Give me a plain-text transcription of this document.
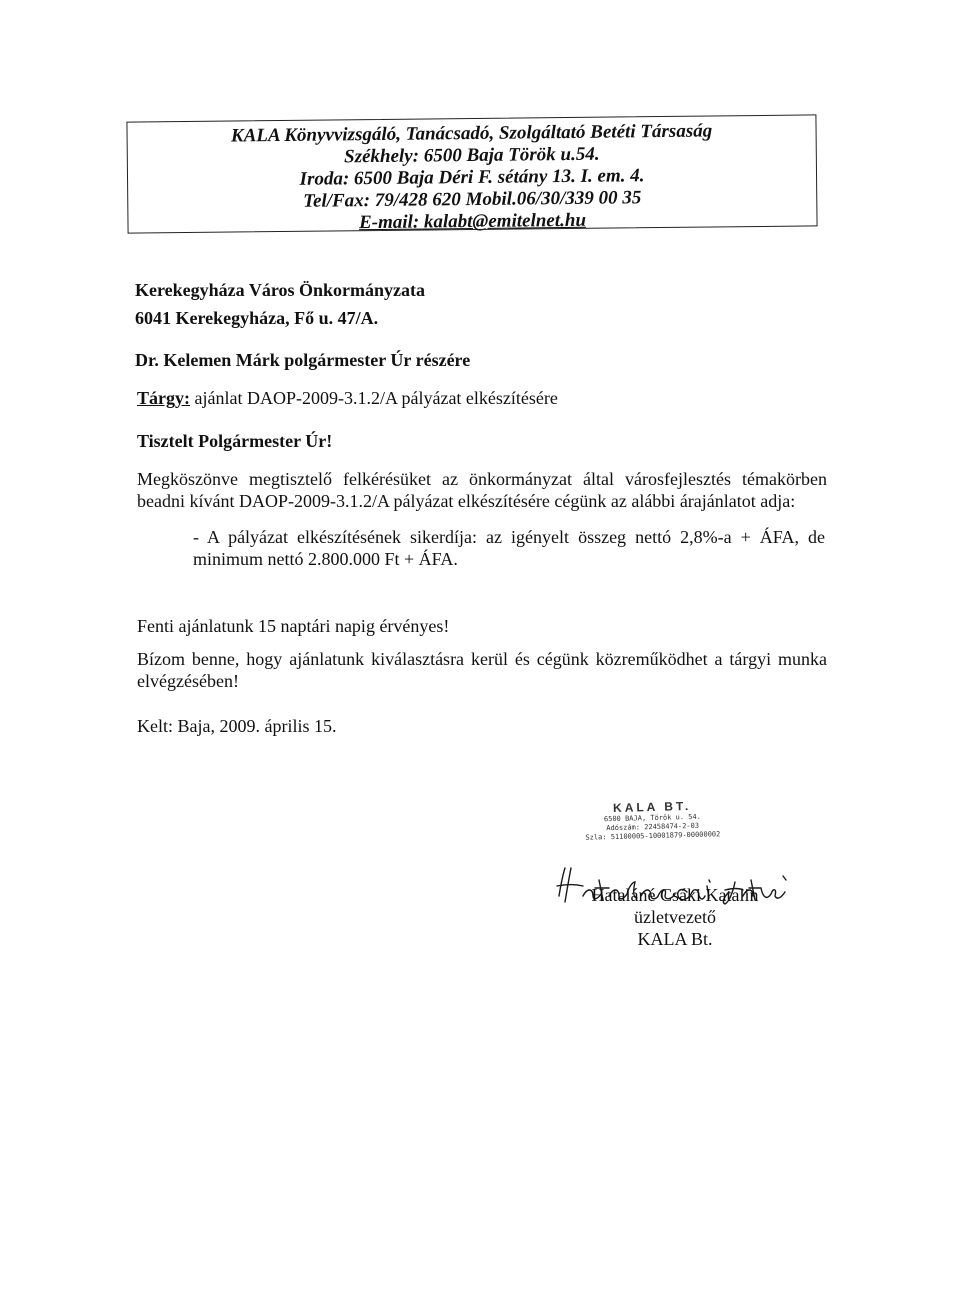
KALA Könyvvizsgáló, Tanácsadó, Szolgáltató Betéti Társaság
Székhely: 6500 Baja Török u.54.
Iroda: 6500 Baja Déri F. sétány 13. I. em. 4.
Tel/Fax: 79/428 620 Mobil.06/30/339 00 35
E-mail: kalabt@emitelnet.hu
Kerekegyháza Város Önkormányzata
6041 Kerekegyháza, Fő u. 47/A.
Dr. Kelemen Márk polgármester Úr részére
Tárgy: ajánlat DAOP-2009-3.1.2/A pályázat elkészítésére
Tisztelt Polgármester Úr!
Megköszönve megtisztelő felkérésüket az önkormányzat által városfejlesztés témakörben beadni kívánt DAOP-2009-3.1.2/A pályázat elkészítésére cégünk az alábbi árajánlatot adja:
- A pályázat elkészítésének sikerdíja: az igényelt összeg nettó 2,8%-a + ÁFA, de minimum nettó 2.800.000 Ft + ÁFA.
Fenti ajánlatunk 15 naptári napig érvényes!
Bízom benne, hogy ajánlatunk kiválasztásra kerül és cégünk közreműködhet a tárgyi munka elvégzésében!
Kelt: Baja, 2009. április 15.
KALA BT.
6500 BAJA, Török u. 54.
Adószám: 22458474-2-03
Szla: 51100005-10001879-00000002
Hataláné Csáki Katalin
üzletvezető
KALA Bt.
